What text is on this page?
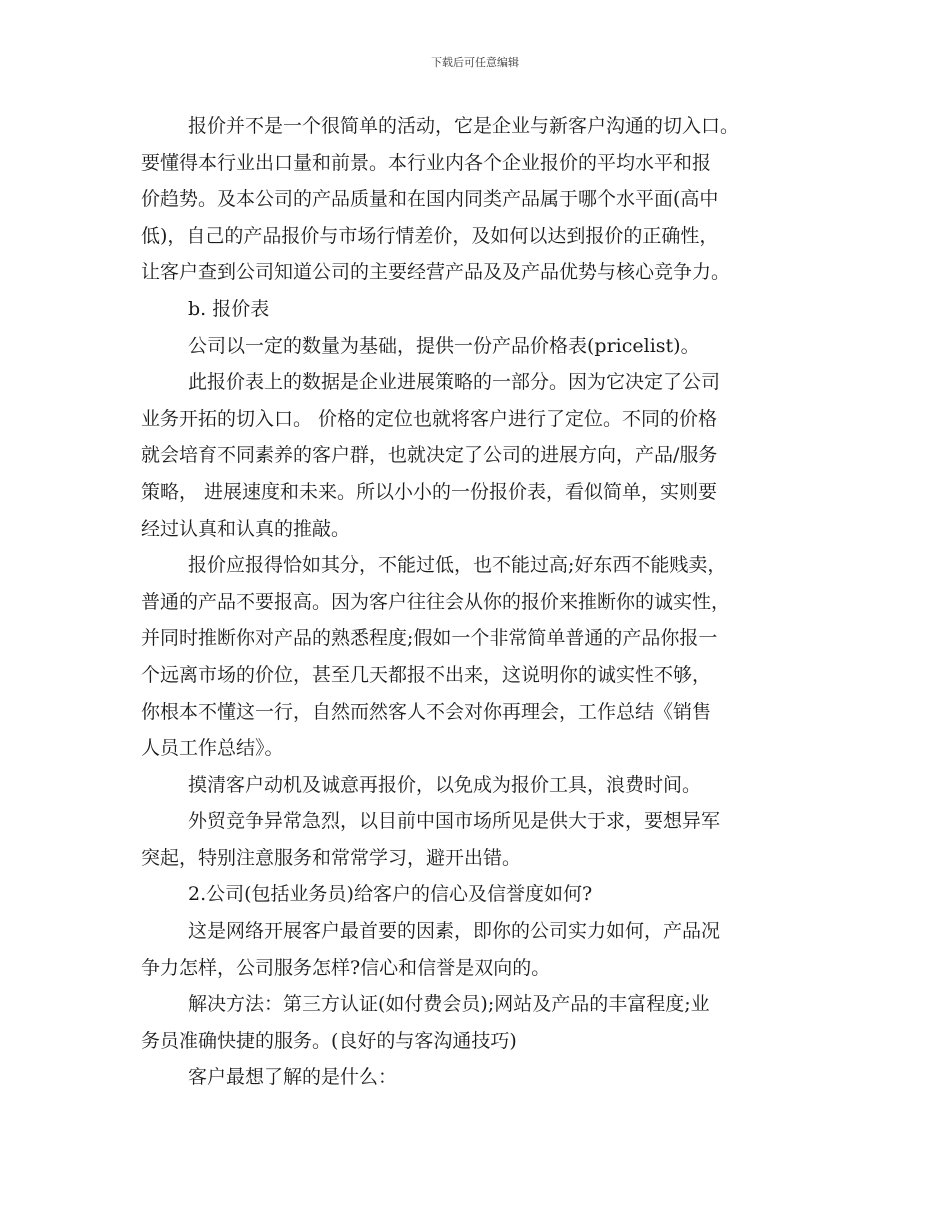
下载后可任意编辑
报价并不是一个很简单的活动，它是企业与新客户沟通的切入口。
要懂得本行业出口量和前景。本行业内各个企业报价的平均水平和报
价趋势。及本公司的产品质量和在国内同类产品属于哪个水平面(高中
低)，自己的产品报价与市场行情差价，及如何以达到报价的正确性，
让客户查到公司知道公司的主要经营产品及及产品优势与核心竞争力。
b. 报价表
公司以一定的数量为基础，提供一份产品价格表(pricelist)。
此报价表上的数据是企业进展策略的一部分。因为它决定了公司
业务开拓的切入口。 价格的定位也就将客户进行了定位。不同的价格
就会培育不同素养的客户群，也就决定了公司的进展方向，产品/服务
策略， 进展速度和未来。所以小小的一份报价表，看似简单，实则要
经过认真和认真的推敲。
报价应报得恰如其分，不能过低，也不能过高;好东西不能贱卖，
普通的产品不要报高。因为客户往往会从你的报价来推断你的诚实性，
并同时推断你对产品的熟悉程度;假如一个非常简单普通的产品你报一
个远离市场的价位，甚至几天都报不出来，这说明你的诚实性不够，
你根本不懂这一行，自然而然客人不会对你再理会，工作总结《销售
人员工作总结》。
摸清客户动机及诚意再报价，以免成为报价工具，浪费时间。
外贸竞争异常急烈，以目前中国市场所见是供大于求，要想异军
突起，特别注意服务和常常学习，避开出错。
2.公司(包括业务员)给客户的信心及信誉度如何?
这是网络开展客户最首要的因素，即你的公司实力如何，产品况
争力怎样，公司服务怎样?信心和信誉是双向的。
解决方法：第三方认证(如付费会员);网站及产品的丰富程度;业
务员准确快捷的服务。(良好的与客沟通技巧)
客户最想了解的是什么：
